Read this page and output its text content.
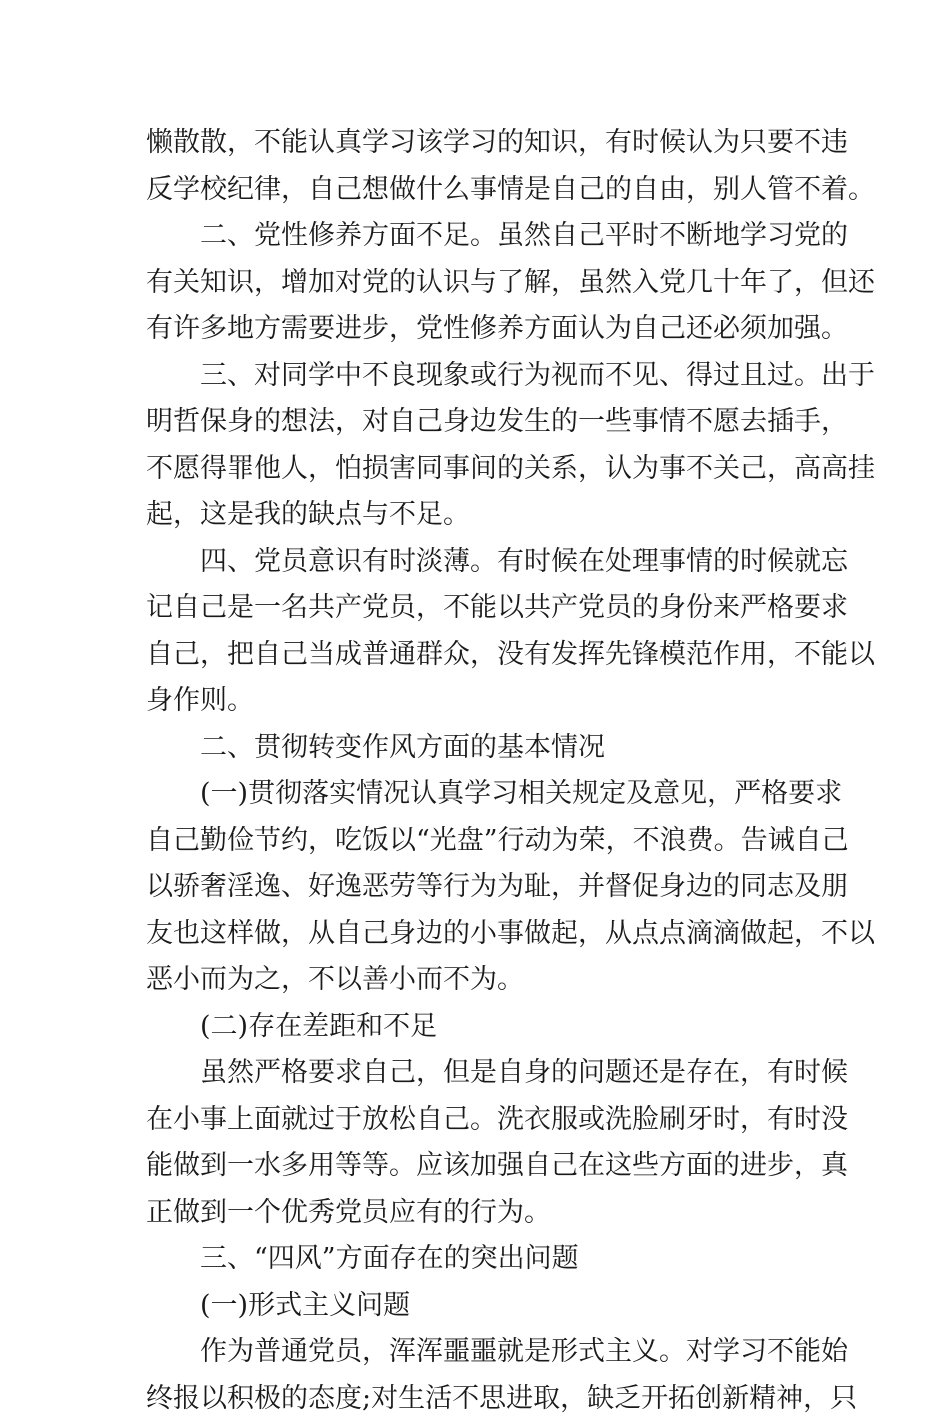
懒散散，不能认真学习该学习的知识，有时候认为只要不违
反学校纪律，自己想做什么事情是自己的自由，别人管不着。
二、党性修养方面不足。虽然自己平时不断地学习党的
有关知识，增加对党的认识与了解，虽然入党几十年了，但还
有许多地方需要进步，党性修养方面认为自己还必须加强。
三、对同学中不良现象或行为视而不见、得过且过。出于
明哲保身的想法，对自己身边发生的一些事情不愿去插手，
不愿得罪他人，怕损害同事间的关系，认为事不关己，高高挂
起，这是我的缺点与不足。
四、党员意识有时淡薄。有时候在处理事情的时候就忘
记自己是一名共产党员，不能以共产党员的身份来严格要求
自己，把自己当成普通群众，没有发挥先锋模范作用，不能以
身作则。
二、贯彻转变作风方面的基本情况
(一)贯彻落实情况认真学习相关规定及意见，严格要求
自己勤俭节约，吃饭以“光盘”行动为荣，不浪费。告诫自己
以骄奢淫逸、好逸恶劳等行为为耻，并督促身边的同志及朋
友也这样做，从自己身边的小事做起，从点点滴滴做起，不以
恶小而为之，不以善小而不为。
(二)存在差距和不足
虽然严格要求自己，但是自身的问题还是存在，有时候
在小事上面就过于放松自己。洗衣服或洗脸刷牙时，有时没
能做到一水多用等等。应该加强自己在这些方面的进步，真
正做到一个优秀党员应有的行为。
三、“四风”方面存在的突出问题
(一)形式主义问题
作为普通党员，浑浑噩噩就是形式主义。对学习不能始
终报以积极的态度;对生活不思进取，缺乏开拓创新精神，只
